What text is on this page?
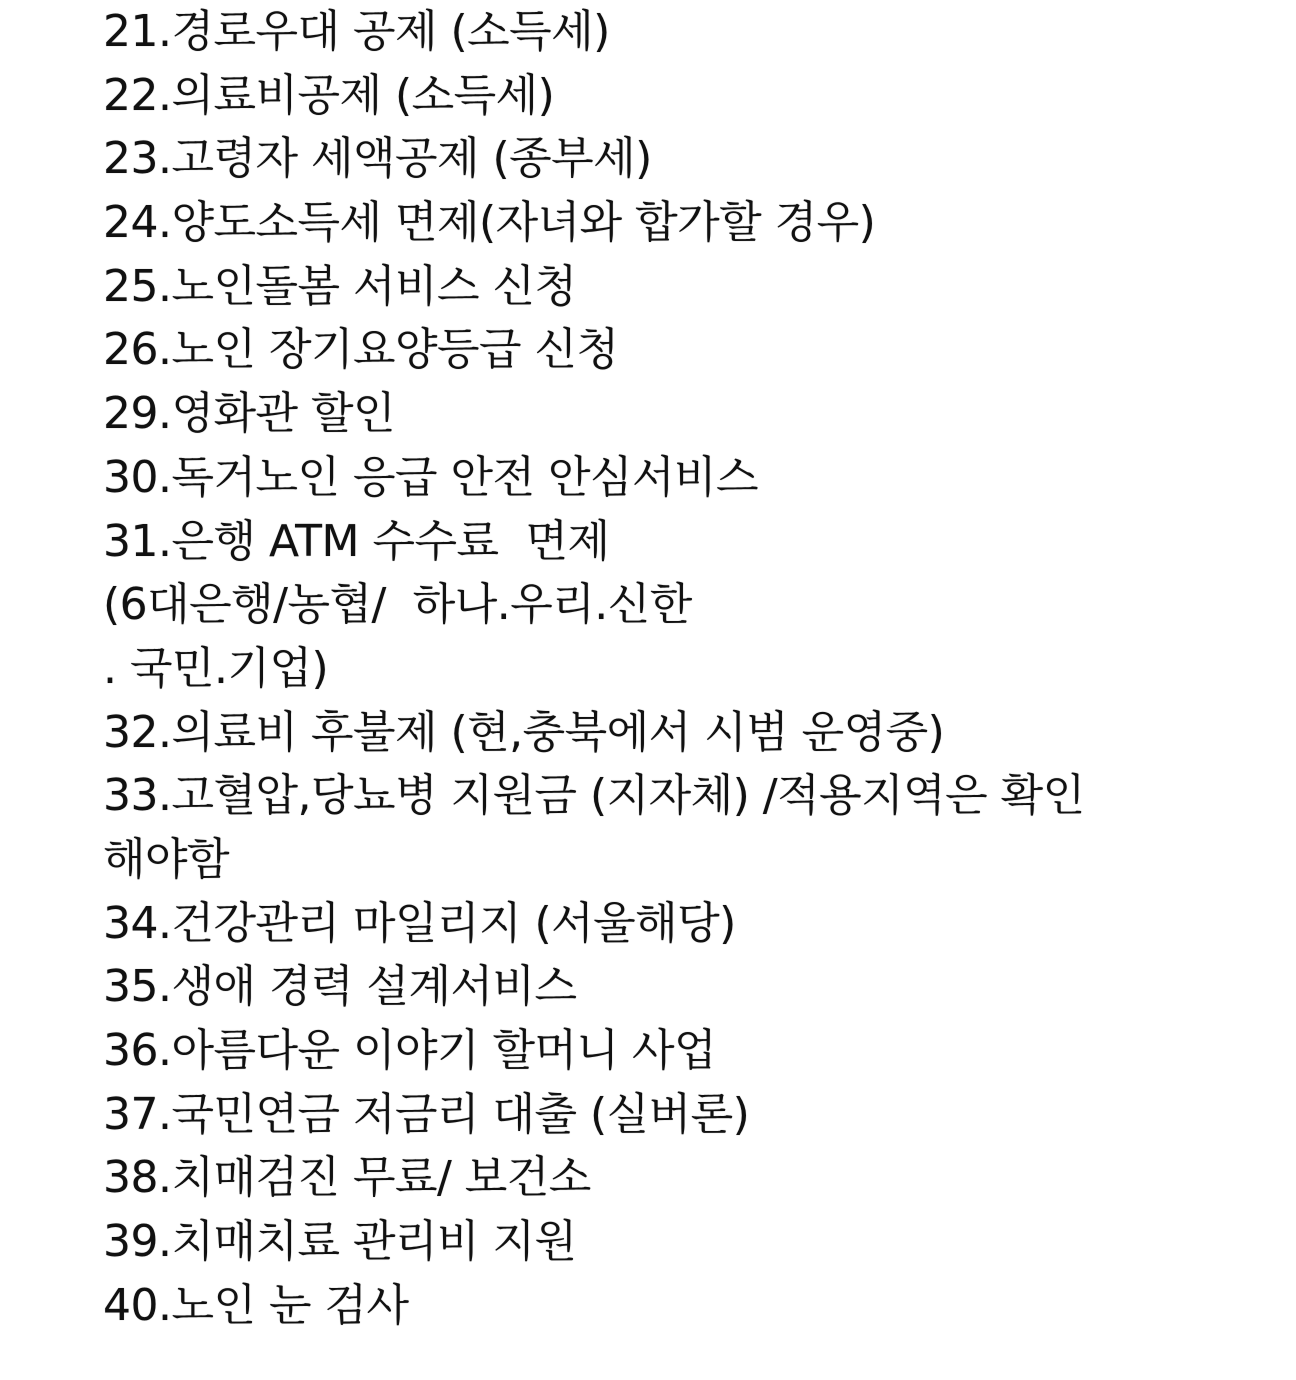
21.경로우대 공제 (소득세)
22.의료비공제 (소득세)
23.고령자 세액공제 (종부세)
24.양도소득세 면제(자녀와 합가할 경우)
25.노인돌봄 서비스 신청
26.노인 장기요양등급 신청
29.영화관 할인
30.독거노인 응급 안전 안심서비스
31.은행 ATM 수수료  면제
(6대은행/농협/  하나.우리.신한
. 국민.기업)
32.의료비 후불제 (현,충북에서 시범 운영중)
33.고혈압,당뇨병 지원금 (지자체) /적용지역은 확인
해야함
34.건강관리 마일리지 (서울해당)
35.생애 경력 설계서비스
36.아름다운 이야기 할머니 사업
37.국민연금 저금리 대출 (실버론)
38.치매검진 무료/ 보건소
39.치매치료 관리비 지원
40.노인 눈 검사
